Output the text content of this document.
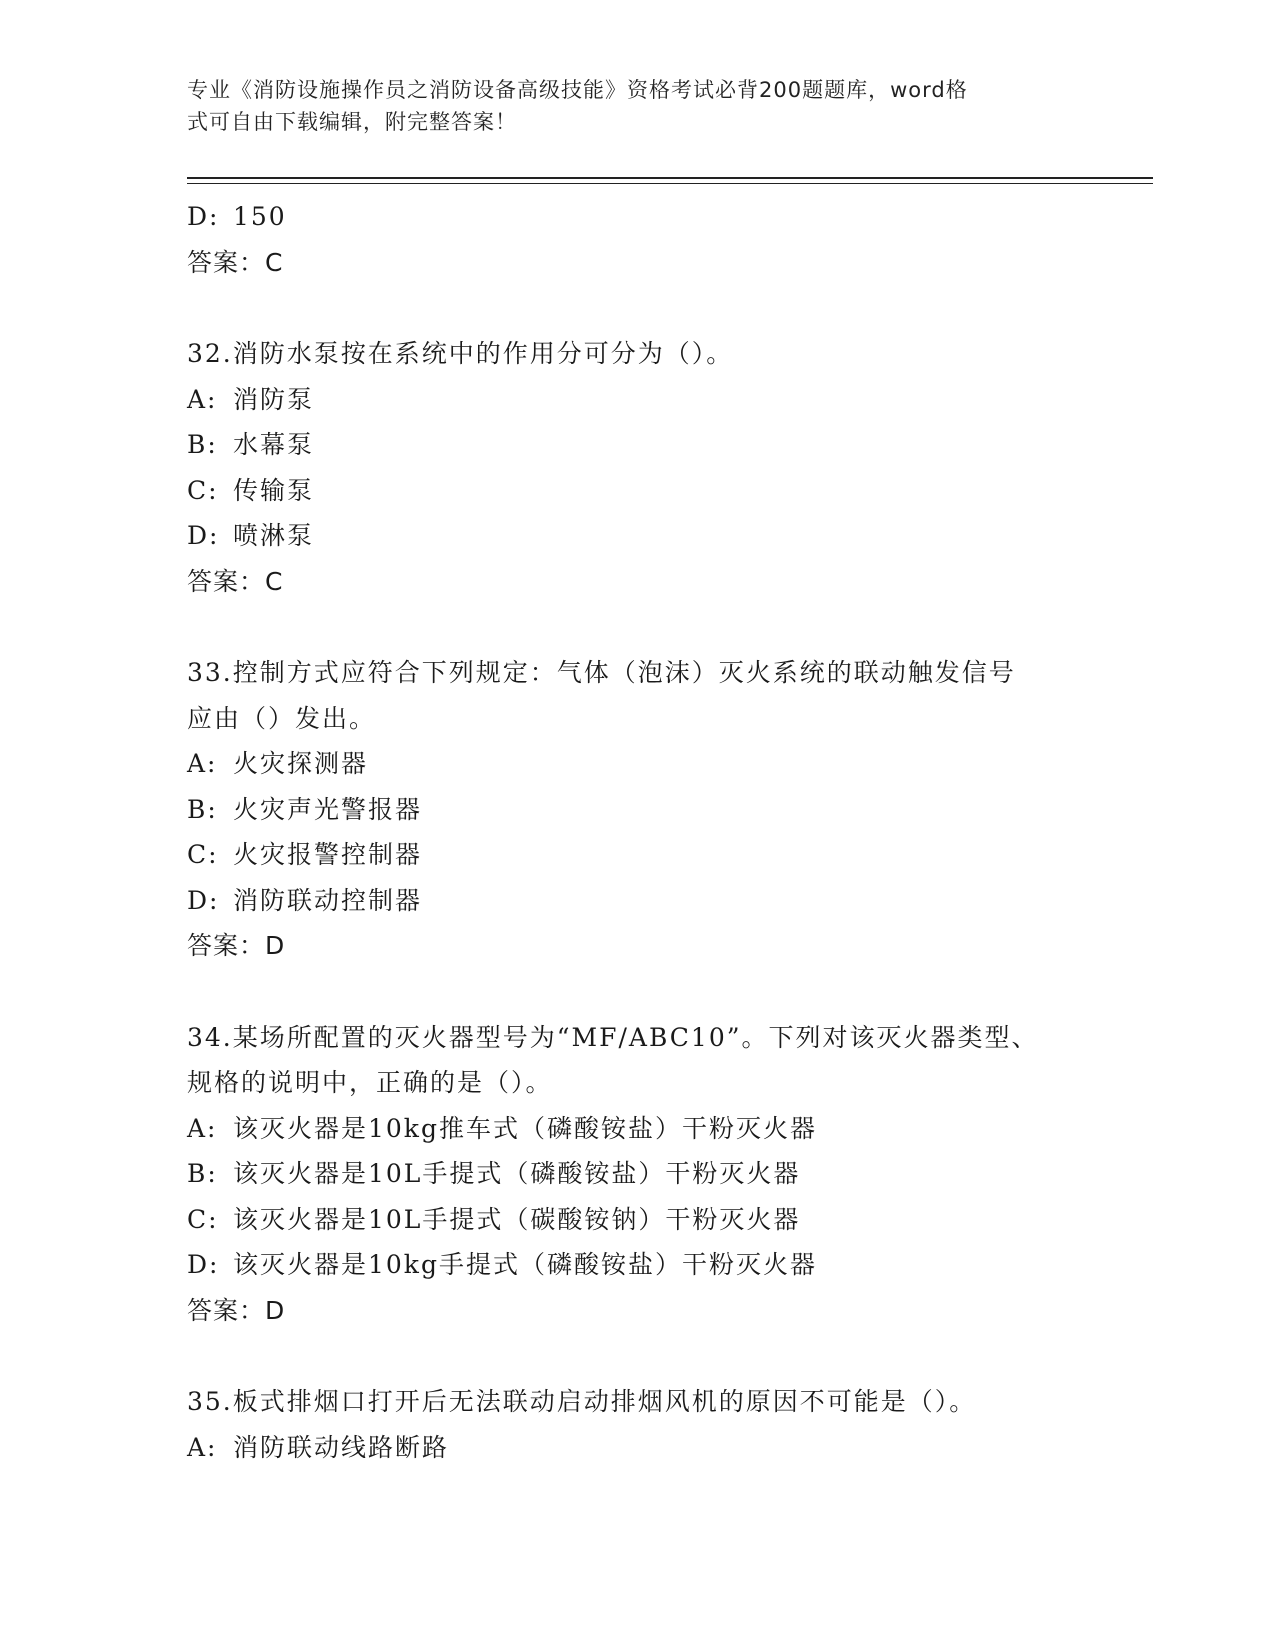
专业《消防设施操作员之消防设备高级技能》资格考试必背200题题库，word格
式可自由下载编辑，附完整答案！
D: 150
答案：C
32.消防水泵按在系统中的作用分可分为（）。
A: 消防泵
B: 水幕泵
C: 传输泵
D: 喷淋泵
答案：C
33.控制方式应符合下列规定：气体（泡沫）灭火系统的联动触发信号
应由（）发出。
A: 火灾探测器
B: 火灾声光警报器
C: 火灾报警控制器
D: 消防联动控制器
答案：D
34.某场所配置的灭火器型号为“MF/ABC10”。下列对该灭火器类型、
规格的说明中，正确的是（）。
A: 该灭火器是10kg推车式（磷酸铵盐）干粉灭火器
B: 该灭火器是10L手提式（磷酸铵盐）干粉灭火器
C: 该灭火器是10L手提式（碳酸铵钠）干粉灭火器
D: 该灭火器是10kg手提式（磷酸铵盐）干粉灭火器
答案：D
35.板式排烟口打开后无法联动启动排烟风机的原因不可能是（）。
A: 消防联动线路断路
